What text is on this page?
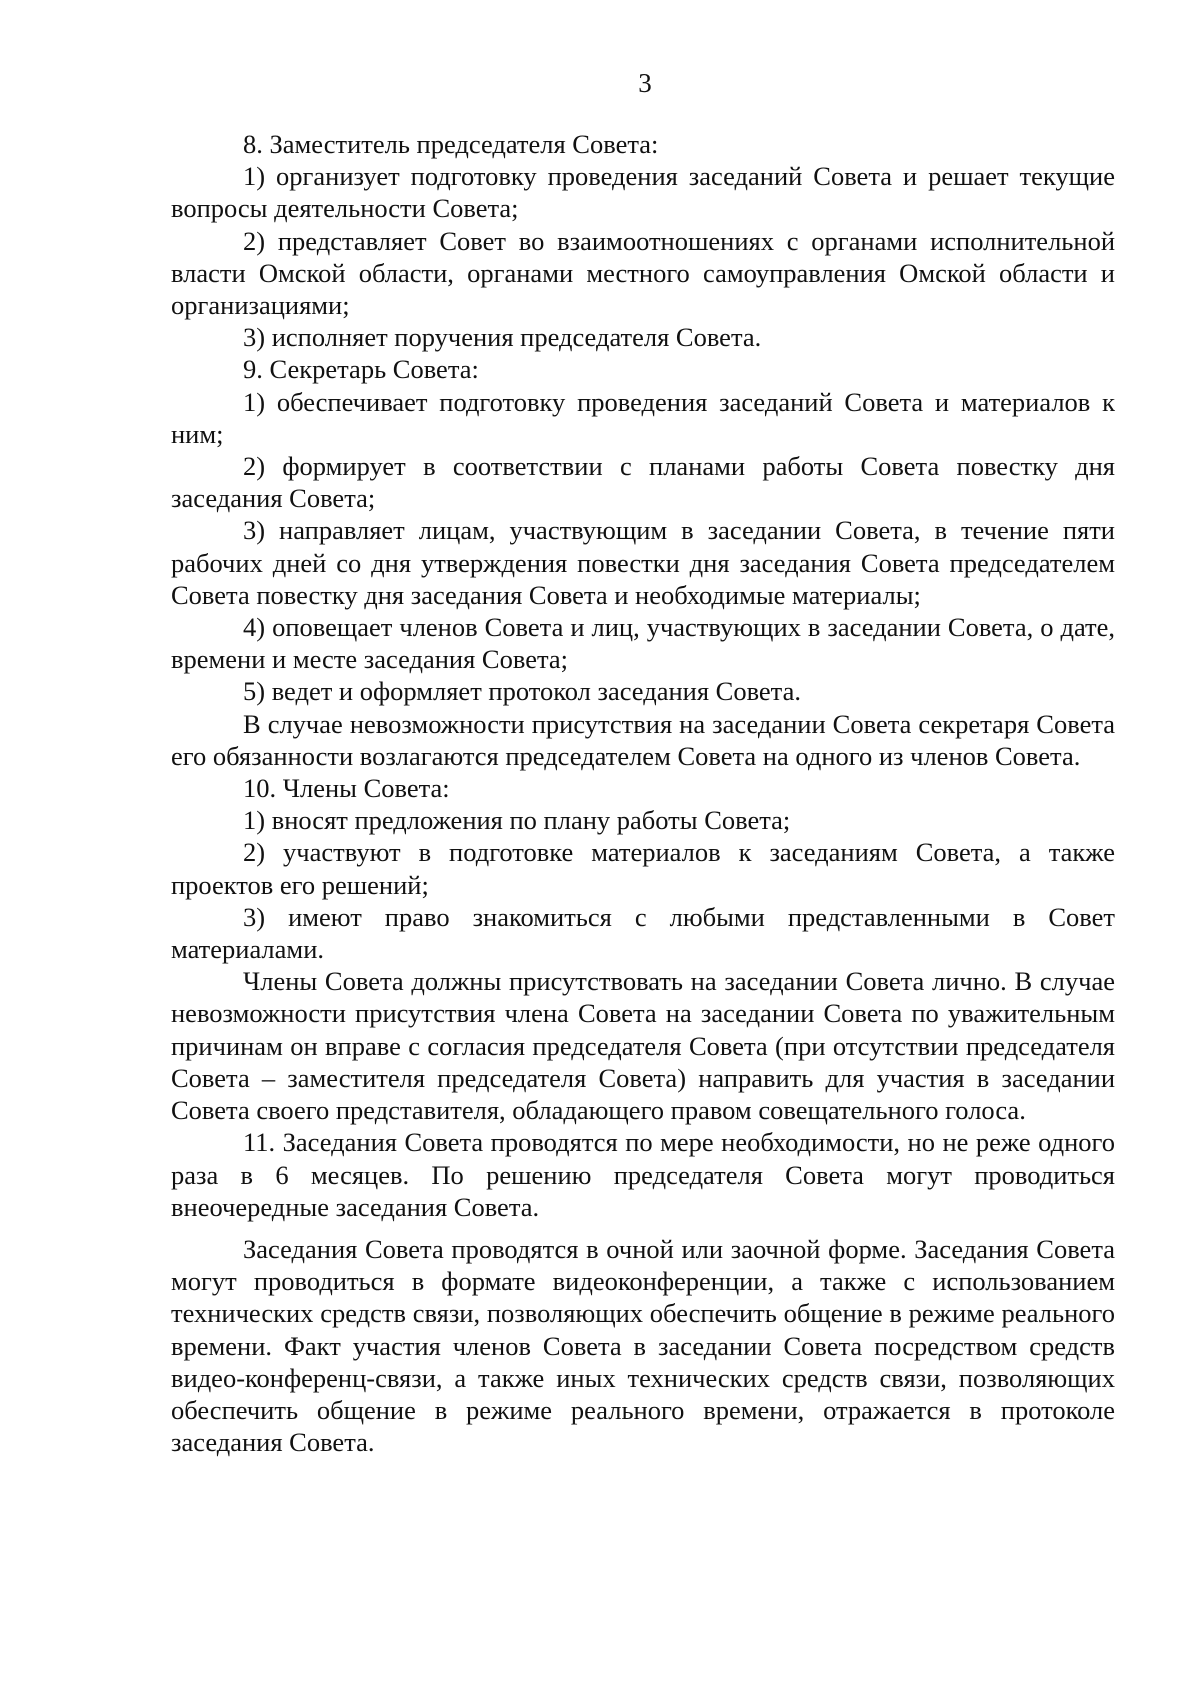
3

8. Заместитель председателя Совета:

1) организует подготовку проведения заседаний Совета и решает текущие вопросы деятельности Совета;

2) представляет Совет во взаимоотношениях с органами исполнительной власти Омской области, органами местного самоуправления Омской области и организациями;

3) исполняет поручения председателя Совета.

9. Секретарь Совета:

1) обеспечивает подготовку проведения заседаний Совета и материалов к ним;

2) формирует в соответствии с планами работы Совета повестку дня заседания Совета;

3) направляет лицам, участвующим в заседании Совета, в течение пяти рабочих дней со дня утверждения повестки дня заседания Совета председателем Совета повестку дня заседания Совета и необходимые материалы;

4) оповещает членов Совета и лиц, участвующих в заседании Совета, о дате, времени и месте заседания Совета;

5) ведет и оформляет протокол заседания Совета.

В случае невозможности присутствия на заседании Совета секретаря Совета его обязанности возлагаются председателем Совета на одного из членов Совета.

10. Члены Совета:

1) вносят предложения по плану работы Совета;

2) участвуют в подготовке материалов к заседаниям Совета, а также проектов его решений;

3) имеют право знакомиться с любыми представленными в Совет материалами.

Члены Совета должны присутствовать на заседании Совета лично. В случае невозможности присутствия члена Совета на заседании Совета по уважительным причинам он вправе с согласия председателя Совета (при отсутствии председателя Совета – заместителя председателя Совета) направить для участия в заседании Совета своего представителя, обладающего правом совещательного голоса.

11. Заседания Совета проводятся по мере необходимости, но не реже одного раза в 6 месяцев. По решению председателя Совета могут проводиться внеочередные заседания Совета.

Заседания Совета проводятся в очной или заочной форме. Заседания Совета могут проводиться в формате видеоконференции, а также с использованием технических средств связи, позволяющих обеспечить общение в режиме реального времени. Факт участия членов Совета в заседании Совета посредством средств видео-конференц-связи, а также иных технических средств связи, позволяющих обеспечить общение в режиме реального времени, отражается в протоколе заседания Совета.
